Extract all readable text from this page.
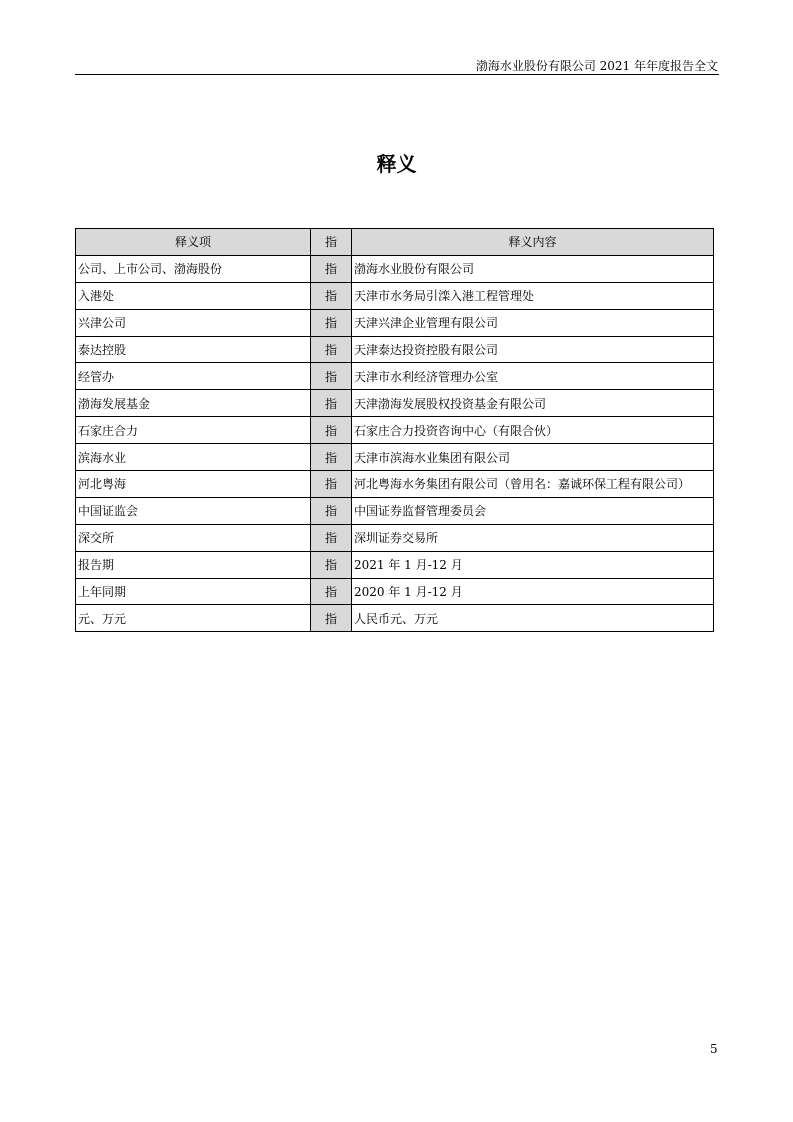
渤海水业股份有限公司 2021 年年度报告全文
释义
释义项	指	释义内容
公司、上市公司、渤海股份	指	渤海水业股份有限公司
入港处	指	天津市水务局引滦入港工程管理处
兴津公司	指	天津兴津企业管理有限公司
泰达控股	指	天津泰达投资控股有限公司
经管办	指	天津市水利经济管理办公室
渤海发展基金	指	天津渤海发展股权投资基金有限公司
石家庄合力	指	石家庄合力投资咨询中心（有限合伙）
滨海水业	指	天津市滨海水业集团有限公司
河北粤海	指	河北粤海水务集团有限公司（曾用名：嘉诚环保工程有限公司）
中国证监会	指	中国证券监督管理委员会
深交所	指	深圳证券交易所
报告期	指	2021 年 1 月-12 月
上年同期	指	2020 年 1 月-12 月
元、万元	指	人民币元、万元
5
